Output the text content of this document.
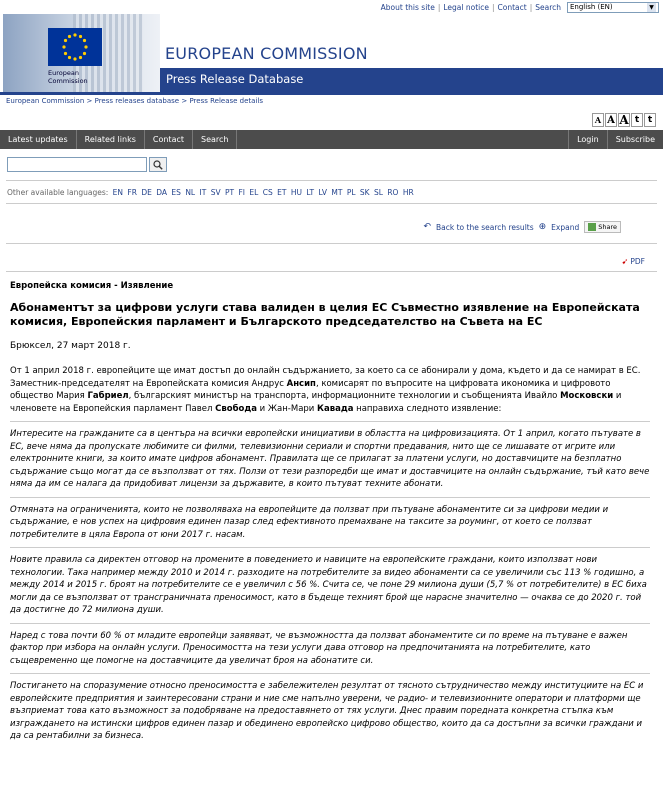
About this site | Legal notice | Contact | Search	English (EN)	▼
European
Commission
EUROPEAN COMMISSION
Press Release Database
European Commission > Press releases database > Press Release details
A A A t t
Latest updates	Related links	Contact	Search	Login	Subscribe
Other available languages: EN FR DE DA ES NL IT SV PT FI EL CS ET HU LT LV MT PL SK SL RO HR
↶ Back to the search results ⊕ Expand	Share
➹ PDF
Европейска комисия - Изявление
Абонаментът за цифрови услуги става валиден в целия ЕС Съвместно изявление на Европейската комисия, Европейския парламент и Българското председателство на Съвета на ЕС
Брюксел, 27 март 2018 г.

От 1 април 2018 г. европейците ще имат достъп до онлайн съдържанието, за което са се абонирали у дома, където и да се намират в ЕС. Заместник-председателят на Европейската комисия Андрус Ансип, комисарят по въпросите на цифровата икономика и цифровото общество Мария Габриел, българският министър на транспорта, информационните технологии и съобщенията Ивайло Московски и членовете на Европейския парламент Павел Свобода и Жан-Мари Кавада направиха следното изявление:

Интересите на гражданите са в центъра на всички европейски инициативи в областта на цифровизацията. От 1 април, когато пътувате в ЕС, вече няма да пропускате любимите си филми, телевизионни сериали и спортни предавания, нито ще се лишавате от игрите или електронните книги, за които имате цифров абонамент. Правилата ще се прилагат за платени услуги, но доставчиците на безплатно съдържание също могат да се възползват от тях. Ползи от тези разпоредби ще имат и доставчиците на онлайн съдържание, тъй като вече няма да им се налага да придобиват лицензи за държавите, в които пътуват техните абонати.

Отмяната на ограниченията, които не позволяваха на европейците да ползват при пътуване абонаментите си за цифрови медии и съдържание, е нов успех на цифровия единен пазар след ефективното премахване на таксите за роуминг, от което се ползват потребителите в цяла Европа от юни 2017 г. насам.

Новите правила са директен отговор на промените в поведението и навиците на европейските граждани, които използват нови технологии. Така например между 2010 и 2014 г. разходите на потребителите за видео абонаменти са се увеличили със 113 % годишно, а между 2014 и 2015 г. броят на потребителите се е увеличил с 56 %. Счита се, че поне 29 милиона души (5,7 % от потребителите) в ЕС биха могли да се възползват от трансграничната преносимост, като в бъдеще техният брой ще нарасне значително — очаква се до 2020 г. той да достигне до 72 милиона души.

Наред с това почти 60 % от младите европейци заявяват, че възможността да ползват абонаментите си по време на пътуване е важен фактор при избора на онлайн услуги. Преносимостта на тези услуги дава отговор на предпочитанията на потребителите, като същевременно ще помогне на доставчиците да увеличат броя на абонатите си.

Постигането на споразумение относно преносимостта е забележителен резултат от тясното сътрудничество между институциите на ЕС и европейските предприятия и заинтересовани страни и ние сме напълно уверени, че радио- и телевизионните оператори и платформи ще възприемат това като възможност за подобряване на предоставянето от тях услуги. Днес правим поредната конкретна стъпка към изграждането на истински цифров единен пазар и обединено европейско цифрово общество, които да са достъпни за всички граждани и да са рентабилни за бизнеса.
